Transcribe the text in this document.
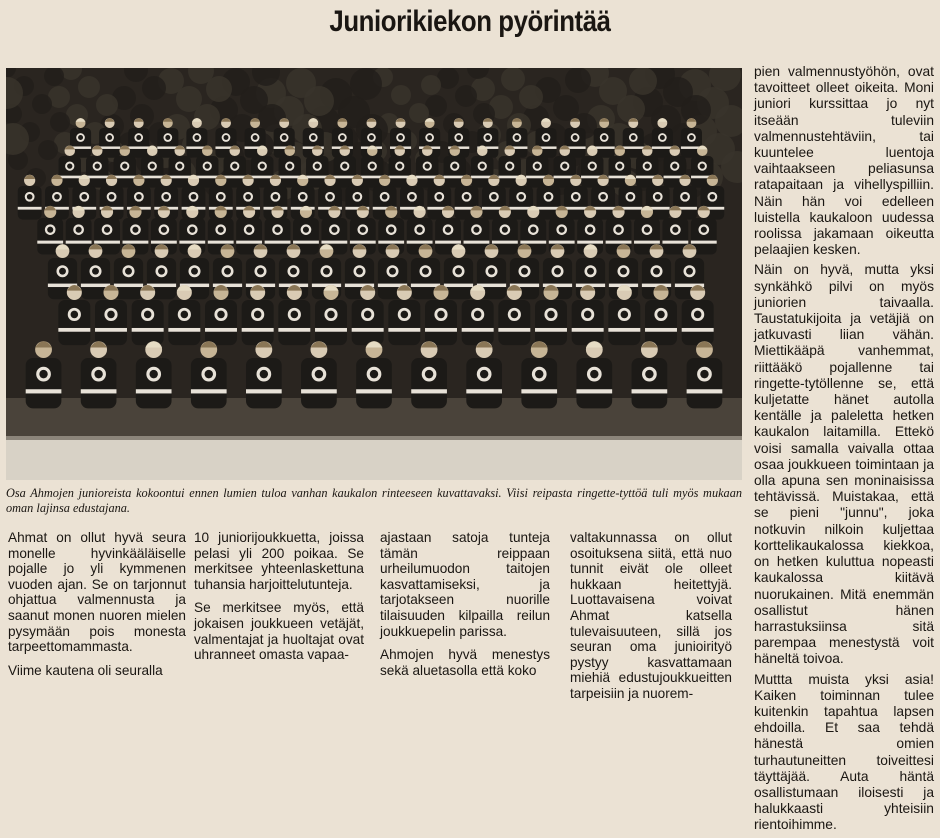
Juniorikiekon pyörintää
Osa Ahmojen junioreista kokoontui ennen lumien tuloa vanhan kaukalon rinteeseen kuvattavaksi. Viisi reipasta ringette-tyttöä tuli myös mukaan oman lajinsa edustajana.

Ahmat on ollut hyvä seura monelle hyvinkääläiselle pojalle jo yli kymmenen vuoden ajan. Se on tarjonnut ohjattua valmennusta ja saanut monen nuoren mielen pysymään pois monesta tarpeettomammasta.

Viime kautena oli seuralla

10 juniorijoukkuetta, joissa pelasi yli 200 poikaa. Se merkitsee yhteenlaskettuna tuhansia harjoittelutunteja.

Se merkitsee myös, että jokaisen joukkueen vetäjät, valmentajat ja huoltajat ovat uhranneet omasta vapaa-

ajastaan satoja tunteja tämän reippaan urheilumuodon taitojen kasvattamiseksi, ja tarjotakseen nuorille tilaisuuden kilpailla reilun joukkuepelin parissa.

Ahmojen hyvä menestys sekä aluetasolla että koko

valtakunnassa on ollut osoituksena siitä, että nuo tunnit eivät ole olleet hukkaan heitettyjä. Luottavaisena voivat Ahmat katsella tulevaisuuteen, sillä jos seuran oma junioirityö pystyy kasvattamaan miehiä edustujoukkueitten tarpeisiin ja nuorem-

pien valmennustyöhön, ovat tavoitteet olleet oikeita. Moni juniori kurssittaa jo nyt itseään tuleviin valmennustehtäviin, tai kuuntelee luentoja vaihtaakseen peliasunsa ratapaitaan ja vihellyspilliin. Näin hän voi edelleen luistella kaukaloon uudessa roolissa jakamaan oikeutta pelaajien kesken.

Näin on hyvä, mutta yksi synkähkö pilvi on myös juniorien taivaalla. Taustatukijoita ja vetäjiä on jatkuvasti liian vähän. Miettikääpä vanhemmat, riittääkö pojallenne tai ringette-tytöllenne se, että kuljetatte hänet autolla kentälle ja paleletta hetken kaukalon laitamilla. Ettekö voisi samalla vaivalla ottaa osaa joukkueen toimintaan ja olla apuna sen moninaisissa tehtävissä. Muistakaa, että se pieni "junnu", joka notkuvin nilkoin kuljettaa korttelikaukalossa kiekkoa, on hetken kuluttua nopeasti kaukalossa kiitävä nuorukainen. Mitä enemmän osallistut hänen harrastuksiinsa sitä parempaa menestystä voit häneltä toivoa.

Muttta muista yksi asia! Kaiken toiminnan tulee kuitenkin tapahtua lapsen ehdoilla. Et saa tehdä hänestä omien turhautuneitten toiveittesi täyttäjää. Auta häntä osallistumaan iloisesti ja halukkaasti yhteisiin rientoihimme.
